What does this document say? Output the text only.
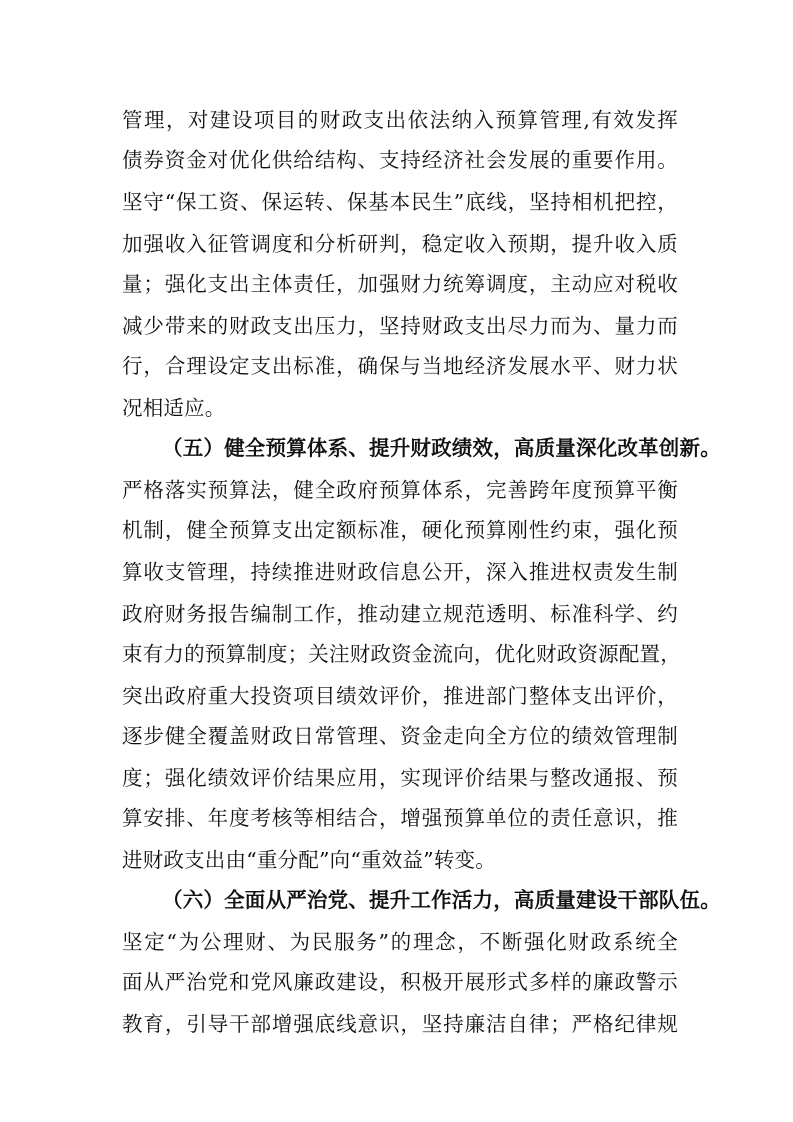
管理，对建设项目的财政支出依法纳入预算管理,有效发挥
债券资金对优化供给结构、支持经济社会发展的重要作用。
坚守“保工资、保运转、保基本民生”底线，坚持相机把控，
加强收入征管调度和分析研判，稳定收入预期，提升收入质
量；强化支出主体责任，加强财力统筹调度，主动应对税收
减少带来的财政支出压力，坚持财政支出尽力而为、量力而
行，合理设定支出标准，确保与当地经济发展水平、财力状
况相适应。
（五）健全预算体系、提升财政绩效，高质量深化改革创新。
严格落实预算法，健全政府预算体系，完善跨年度预算平衡
机制，健全预算支出定额标准，硬化预算刚性约束，强化预
算收支管理，持续推进财政信息公开，深入推进权责发生制
政府财务报告编制工作，推动建立规范透明、标准科学、约
束有力的预算制度；关注财政资金流向，优化财政资源配置，
突出政府重大投资项目绩效评价，推进部门整体支出评价，
逐步健全覆盖财政日常管理、资金走向全方位的绩效管理制
度；强化绩效评价结果应用，实现评价结果与整改通报、预
算安排、年度考核等相结合，增强预算单位的责任意识，推
进财政支出由“重分配”向“重效益”转变。
（六）全面从严治党、提升工作活力，高质量建设干部队伍。
坚定“为公理财、为民服务”的理念，不断强化财政系统全
面从严治党和党风廉政建设，积极开展形式多样的廉政警示
教育，引导干部增强底线意识，坚持廉洁自律；严格纪律规
